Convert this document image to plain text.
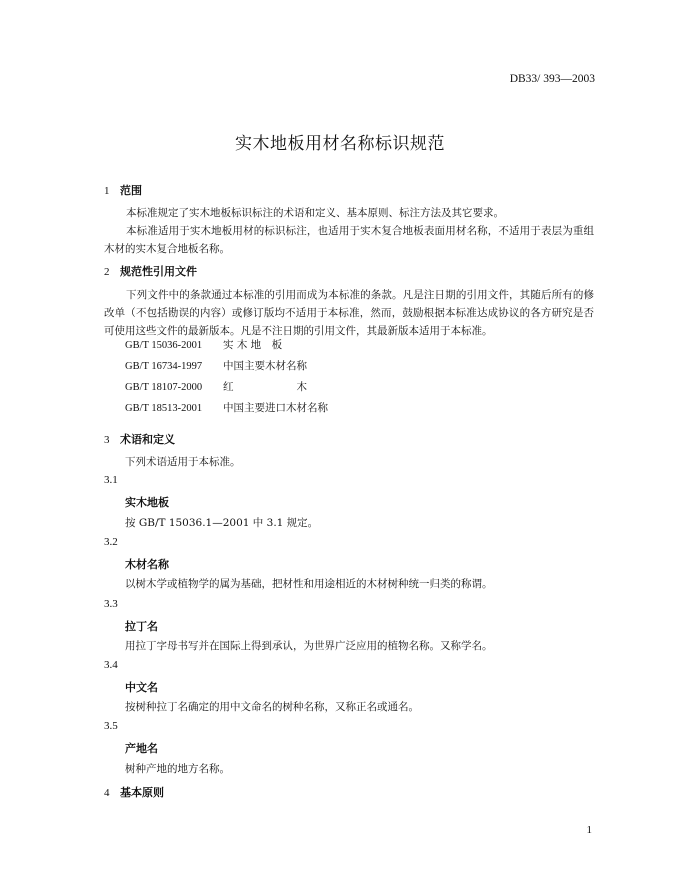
DB33/ 393—2003
实木地板用材名称标识规范
1 范围
本标准规定了实木地板标识标注的术语和定义、基本原则、标注方法及其它要求。
本标准适用于实木地板用材的标识标注，也适用于实木复合地板表面用材名称，不适用于表层为重组木材的实木复合地板名称。
2 规范性引用文件
下列文件中的条款通过本标准的引用而成为本标准的条款。凡是注日期的引用文件，其随后所有的修改单（不包括勘误的内容）或修订版均不适用于本标准，然而，鼓励根据本标准达成协议的各方研究是否可使用这些文件的最新版本。凡是不注日期的引用文件，其最新版本适用于本标准。
GB/T 15036-2001 实 木 地　板
GB/T 16734-1997 中国主要木材名称
GB/T 18107-2000 红　　　　　　木
GB/T 18513-2001 中国主要进口木材名称
3 术语和定义
下列术语适用于本标准。
3.1
实木地板
按 GB/T 15036.1—2001 中 3.1 规定。
3.2
木材名称
以树木学或植物学的属为基础，把材性和用途相近的木材树种统一归类的称谓。
3.3
拉丁名
用拉丁字母书写并在国际上得到承认，为世界广泛应用的植物名称。又称学名。
3.4
中文名
按树种拉丁名确定的用中文命名的树种名称，又称正名或通名。
3.5
产地名
树种产地的地方名称。
4 基本原则
1
